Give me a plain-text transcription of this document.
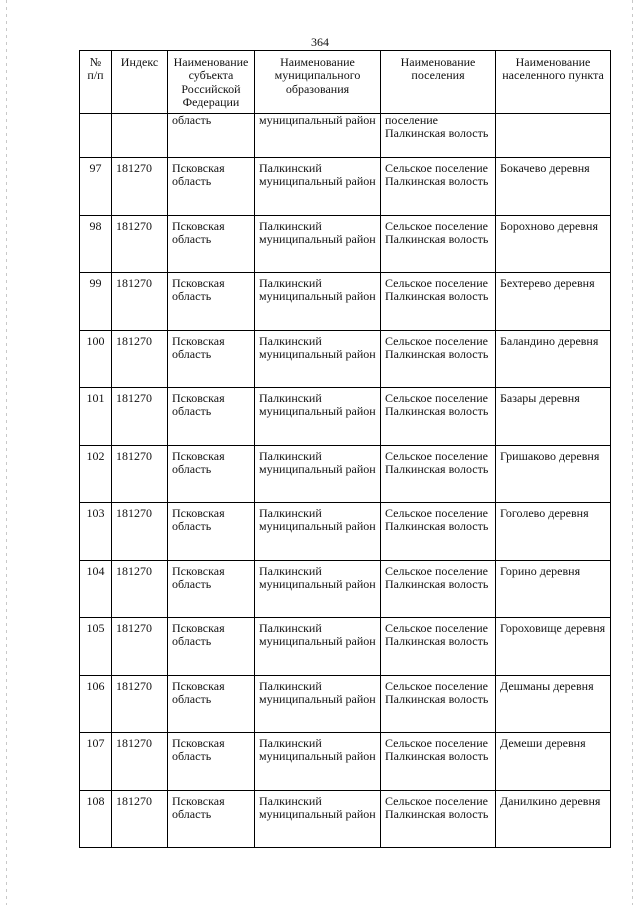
364
№ п/п	Индекс	Наименование субъекта Российской Федерации	Наименование муниципального образования	Наименование поселения	Наименование населенного пункта
		область	муниципальный район	поселение Палкинская волость	
97	181270	Псковская область	Палкинский муниципальный район	Сельское поселение Палкинская волость	Бокачево деревня
98	181270	Псковская область	Палкинский муниципальный район	Сельское поселение Палкинская волость	Борохново деревня
99	181270	Псковская область	Палкинский муниципальный район	Сельское поселение Палкинская волость	Бехтерево деревня
100	181270	Псковская область	Палкинский муниципальный район	Сельское поселение Палкинская волость	Баландино деревня
101	181270	Псковская область	Палкинский муниципальный район	Сельское поселение Палкинская волость	Базары деревня
102	181270	Псковская область	Палкинский муниципальный район	Сельское поселение Палкинская волость	Гришаково деревня
103	181270	Псковская область	Палкинский муниципальный район	Сельское поселение Палкинская волость	Гоголево деревня
104	181270	Псковская область	Палкинский муниципальный район	Сельское поселение Палкинская волость	Горино деревня
105	181270	Псковская область	Палкинский муниципальный район	Сельское поселение Палкинская волость	Гороховище деревня
106	181270	Псковская область	Палкинский муниципальный район	Сельское поселение Палкинская волость	Дешманы деревня
107	181270	Псковская область	Палкинский муниципальный район	Сельское поселение Палкинская волость	Демеши деревня
108	181270	Псковская область	Палкинский муниципальный район	Сельское поселение Палкинская волость	Данилкино деревня
